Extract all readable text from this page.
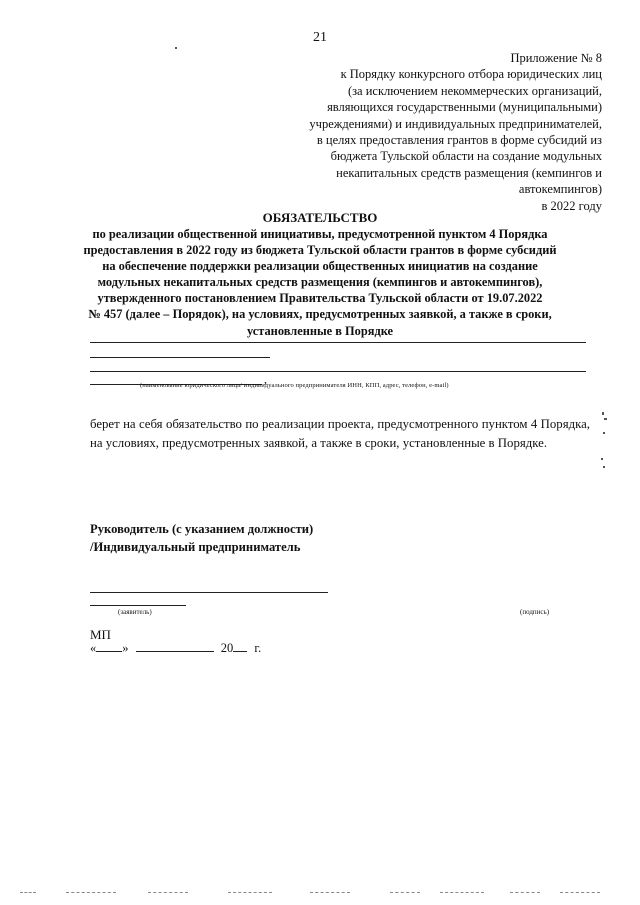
21
Приложение № 8
к Порядку конкурсного отбора юридических лиц
(за исключением некоммерческих организаций,
являющихся государственными (муниципальными)
учреждениями) и индивидуальных предпринимателей,
в целях предоставления грантов в форме субсидий из
бюджета Тульской области на создание модульных
некапитальных средств размещения (кемпингов и
автокемпингов)
в 2022 году
ОБЯЗАТЕЛЬСТВО
по реализации общественной инициативы, предусмотренной пунктом 4 Порядка
предоставления в 2022 году из бюджета Тульской области грантов в форме субсидий
на обеспечение поддержки реализации общественных инициатив на создание
модульных некапитальных средств размещения (кемпингов и автокемпингов),
утвержденного постановлением Правительства Тульской области от 19.07.2022
№ 457 (далее – Порядок), на условиях, предусмотренных заявкой, а также в сроки,
установленные в Порядке
,
(наименование юридического лица/ индивидуального предпринимателя ИНН, КПП, адрес, телефон, e-mail)
берет на себя обязательство по реализации проекта, предусмотренного пунктом 4 Порядка, на условиях, предусмотренных заявкой, а также в сроки, установленные в Порядке.
Руководитель (с указанием должности)
/Индивидуальный предприниматель
(заявитель)	(подпись)
МП
« »	20 г.
